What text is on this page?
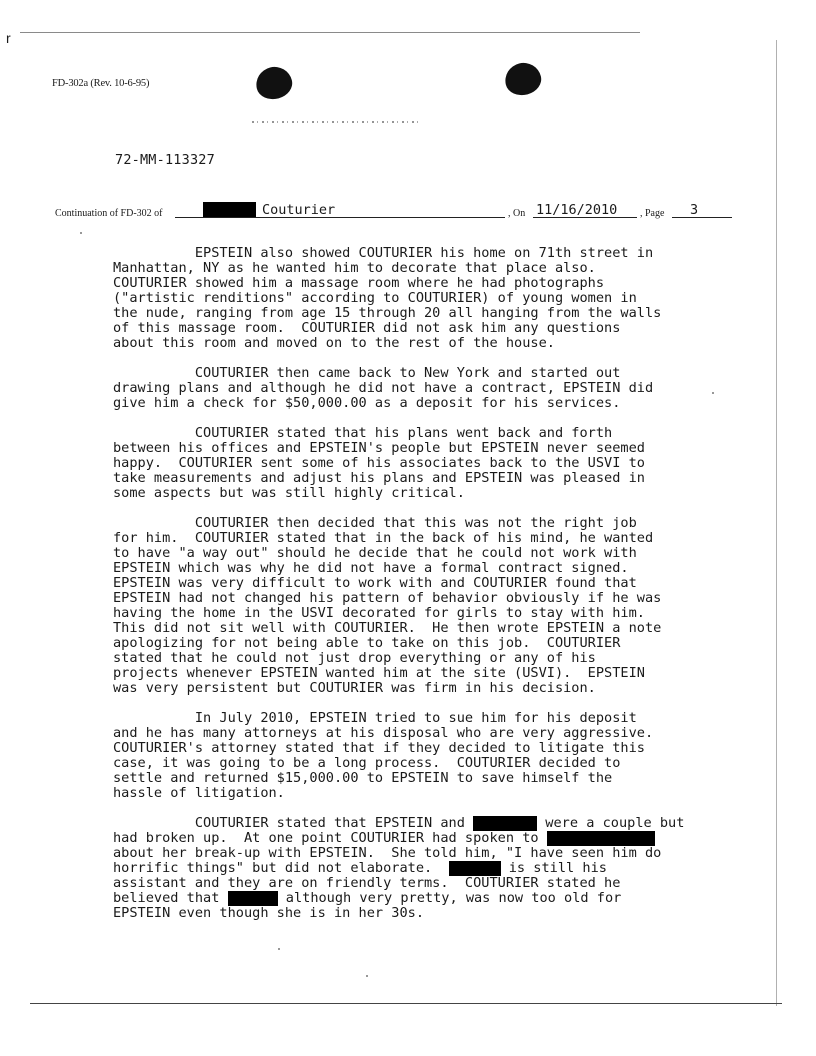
r
FD-302a (Rev. 10-6-95)
72-MM-113327
Continuation of FD-302 of	Couturier	, On 11/16/2010 , Page 3
EPSTEIN also showed COUTURIER his home on 71th street in
Manhattan, NY as he wanted him to decorate that place also.
COUTURIER showed him a massage room where he had photographs
("artistic renditions" according to COUTURIER) of young women in
the nude, ranging from age 15 through 20 all hanging from the walls
of this massage room.  COUTURIER did not ask him any questions
about this room and moved on to the rest of the house.
COUTURIER then came back to New York and started out
drawing plans and although he did not have a contract, EPSTEIN did
give him a check for $50,000.00 as a deposit for his services.
COUTURIER stated that his plans went back and forth
between his offices and EPSTEIN's people but EPSTEIN never seemed
happy.  COUTURIER sent some of his associates back to the USVI to
take measurements and adjust his plans and EPSTEIN was pleased in
some aspects but was still highly critical.
COUTURIER then decided that this was not the right job
for him.  COUTURIER stated that in the back of his mind, he wanted
to have "a way out" should he decide that he could not work with
EPSTEIN which was why he did not have a formal contract signed.
EPSTEIN was very difficult to work with and COUTURIER found that
EPSTEIN had not changed his pattern of behavior obviously if he was
having the home in the USVI decorated for girls to stay with him.
This did not sit well with COUTURIER.  He then wrote EPSTEIN a note
apologizing for not being able to take on this job.  COUTURIER
stated that he could not just drop everything or any of his
projects whenever EPSTEIN wanted him at the site (USVI).  EPSTEIN
was very persistent but COUTURIER was firm in his decision.
In July 2010, EPSTEIN tried to sue him for his deposit
and he has many attorneys at his disposal who are very aggressive.
COUTURIER's attorney stated that if they decided to litigate this
case, it was going to be a long process.  COUTURIER decided to
settle and returned $15,000.00 to EPSTEIN to save himself the
hassle of litigation.
COUTURIER stated that EPSTEIN and	were a couple but
had broken up.  At one point COUTURIER had spoken to
about her break-up with EPSTEIN.  She told him, "I have seen him do
horrific things" but did not elaborate.	is still his
assistant and they are on friendly terms.  COUTURIER stated he
believed that	although very pretty, was now too old for
EPSTEIN even though she is in her 30s.
